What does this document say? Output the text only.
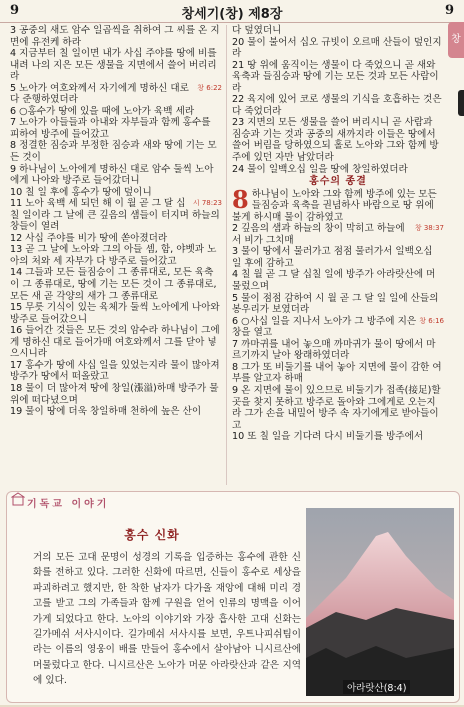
9	창세기(창) 제8장	9
창

3 공중의 새도 암수 일곱씩을 취하여 그 씨를 온 지면에 유전케 하라

4 지금부터 칠 일이면 내가 사십 주야를 땅에 비를 내려 나의 지은 모든 생물을 지면에서 쓸어 버리리라

창 6:22
5 노아가 여호와께서 자기에게 명하신 대로 다 준행하였더라

6 ○홍수가 땅에 있을 때에 노아가 육백 세라

7 노아가 아들들과 아내와 자부들과 함께 홍수를 피하여 방주에 들어갔고

8 정결한 짐승과 부정한 짐승과 새와 땅에 기는 모든 것이

9 하나님이 노아에게 명하신 대로 암수 둘씩 노아에게 나아와 방주로 들어갔더니

10 칠 일 후에 홍수가 땅에 덮이니

시 78:23
11 노아 육백 세 되던 해 이 월 곧 그 달 십칠 일이라 그 날에 큰 깊음의 샘들이 터지며 하늘의 창들이 열려

12 사십 주야를 비가 땅에 쏟아졌더라

13 곧 그 날에 노아와 그의 아들 셈, 함, 야벳과 노아의 처와 세 자부가 다 방주로 들어갔고

14 그들과 모든 들짐승이 그 종류대로, 모든 육축이 그 종류대로, 땅에 기는 모든 것이 그 종류대로, 모든 새 곧 각양의 새가 그 종류대로

15 무릇 기식이 있는 육체가 둘씩 노아에게 나아와 방주로 들어갔으니

16 들어간 것들은 모든 것의 암수라 하나님이 그에게 명하신 대로 들어가매 여호와께서 그를 닫아 넣으시니라

17 홍수가 땅에 사십 일을 있었는지라 물이 많아져 방주가 땅에서 떠올랐고

18 물이 더 많아져 땅에 창일(漲溢)하매 방주가 물 위에 떠다녔으며

19 물이 땅에 더욱 창일하매 천하에 높은 산이

다 덮였더니

20 물이 불어서 십오 규빗이 오르매 산들이 덮인지라

21 땅 위에 움직이는 생물이 다 죽었으니 곧 새와 육축과 들짐승과 땅에 기는 모든 것과 모든 사람이라

22 육지에 있어 코로 생물의 기식을 호흡하는 것은 다 죽었더라

23 지면의 모든 생물을 쓸어 버리시니 곧 사람과 짐승과 기는 것과 공중의 새까지라 이들은 땅에서 쓸어 버림을 당하였으되 홀로 노아와 그와 함께 방주에 있던 자만 남았더라

24 물이 일백오십 일을 땅에 창일하였더라

홍수의 종결
8 하나님이 노아와 그와 함께 방주에 있는 모든 들짐승과 육축을 권념하사 바람으로 땅 위에 불게 하시매 물이 감하였고

창 38:37
2 깊음의 샘과 하늘의 창이 막히고 하늘에서 비가 그치매

3 물이 땅에서 물러가고 점점 물러가서 일백오십 일 후에 감하고

4 칠 월 곧 그 달 십칠 일에 방주가 아라랏산에 머물렀으며

5 물이 점점 감하여 시 월 곧 그 달 일 일에 산들의 봉우리가 보였더라

창 6:16
6 ○사십 일을 지나서 노아가 그 방주에 지은 창을 열고

7 까마귀를 내어 놓으매 까마귀가 물이 땅에서 마르기까지 날아 왕래하였더라

8 그가 또 비둘기를 내어 놓아 지면에 물이 감한 여부를 알고자 하매

9 온 지면에 물이 있으므로 비둘기가 접족(接足)할 곳을 찾지 못하고 방주로 돌아와 그에게로 오는지라 그가 손을 내밀어 방주 속 자기에게로 받아들이고

10 또 칠 일을 기다려 다시 비둘기를 방주에서

기독교 이야기
홍수 신화
거의 모든 고대 문명이 성경의 기록을 입증하는 홍수에 관한 신화를 전하고 있다. 그러한 신화에 따르면, 신들이 홍수로 세상을 파괴하려고 했지만, 한 착한 남자가 다가올 재앙에 대해 미리 경고를 받고 그의 가족들과 함께 구원을 얻어 인류의 명맥을 이어가게 되었다고 한다. 노아의 이야기와 가장 흡사한 고대 신화는 길가메쉬 서사시이다. 길가메쉬 서사시를 보면, 우트나피쉬팀이라는 이름의 영웅이 배를 만들어 홍수에서 살아남아 니시르산에 머물렀다고 한다. 니시르산은 노아가 머문 아라랏산과 같은 지역에 있다.
아라랏산(8:4)
